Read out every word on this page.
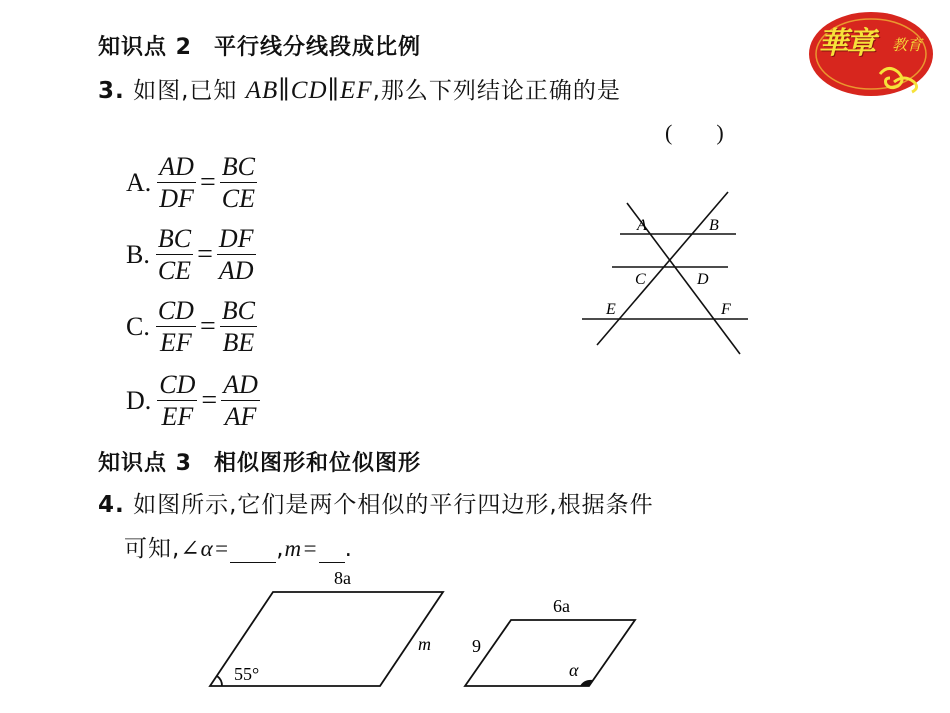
華章 教育
知识点 2 平行线分线段成比例
3. 如图,已知 AB∥CD∥EF,那么下列结论正确的是
(　　)
A. $\frac{AD}{DF} = \frac{BC}{CE}$
B. $\frac{BC}{CE} = \frac{DF}{AD}$
C. $\frac{CD}{EF} = \frac{BC}{BE}$
D. $\frac{CD}{EF} = \frac{AD}{AF}$
A	B
C	D
E	F
知识点 3 相似图形和位似图形
4. 如图所示,它们是两个相似的平行四边形,根据条件
可知,∠α= ,m= .
8a
m
55°
6a
9
α
